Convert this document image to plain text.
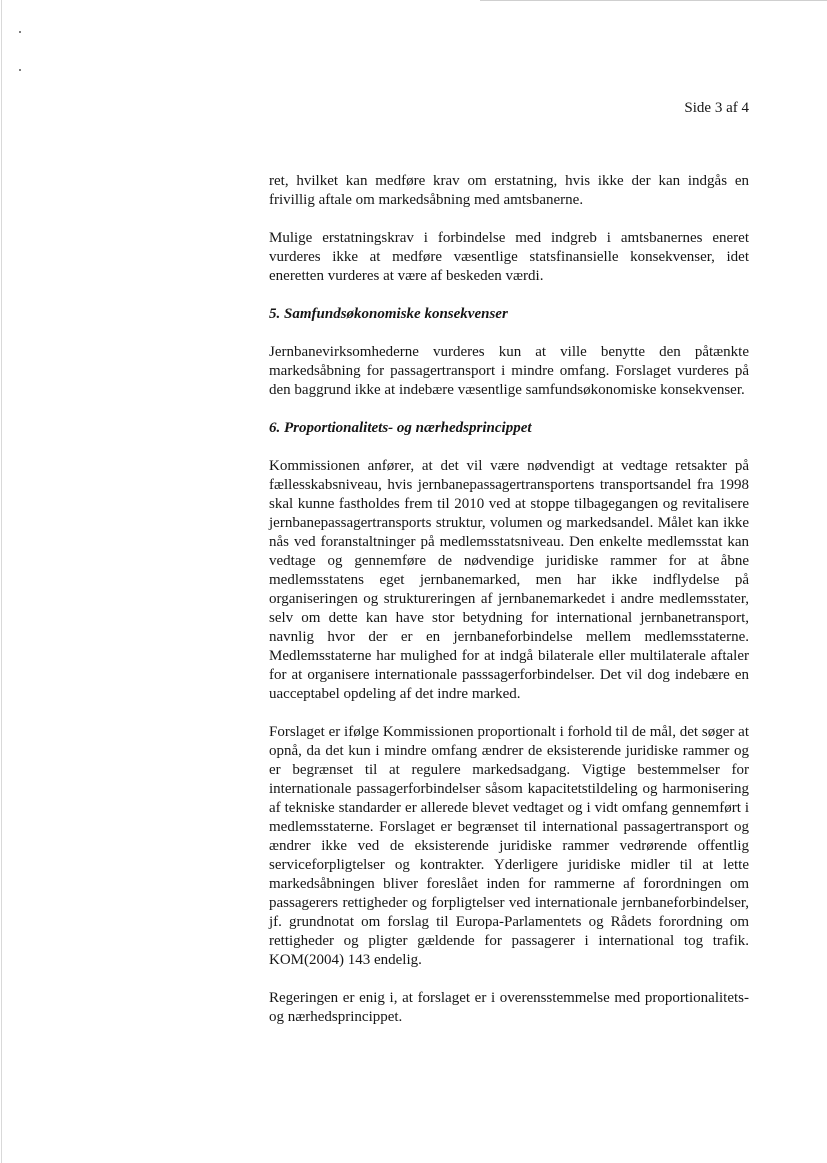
Side 3 af 4

ret, hvilket kan medføre krav om erstatning, hvis ikke der kan indgås en frivillig aftale om markedsåbning med amtsbanerne.

Mulige erstatningskrav i forbindelse med indgreb i amtsbanernes eneret vurderes ikke at medføre væsentlige statsfinansielle konsekvenser, idet eneretten vurderes at være af beskeden værdi.

5. Samfundsøkonomiske konsekvenser

Jernbanevirksomhederne vurderes kun at ville benytte den påtænkte markedsåbning for passagertransport i mindre omfang. Forslaget vurderes på den baggrund ikke at indebære væsentlige samfundsøkonomiske konsekvenser.

6. Proportionalitets- og nærhedsprincippet

Kommissionen anfører, at det vil være nødvendigt at vedtage retsakter på fællesskabsniveau, hvis jernbanepassagertransportens transportsandel fra 1998 skal kunne fastholdes frem til 2010 ved at stoppe tilbagegangen og revitalisere jernbanepassagertransports struktur, volumen og markedsandel. Målet kan ikke nås ved foranstaltninger på medlemsstatsniveau. Den enkelte medlemsstat kan vedtage og gennemføre de nødvendige juridiske rammer for at åbne medlemsstatens eget jernbanemarked, men har ikke indflydelse på organiseringen og struktureringen af jernbanemarkedet i andre medlemsstater, selv om dette kan have stor betydning for international jernbanetransport, navnlig hvor der er en jernbaneforbindelse mellem medlemsstaterne. Medlemsstaterne har mulighed for at indgå bilaterale eller multilaterale aftaler for at organisere internationale passsagerforbindelser. Det vil dog indebære en uacceptabel opdeling af det indre marked.

Forslaget er ifølge Kommissionen proportionalt i forhold til de mål, det søger at opnå, da det kun i mindre omfang ændrer de eksisterende juridiske rammer og er begrænset til at regulere markedsadgang. Vigtige bestemmelser for internationale passagerforbindelser såsom kapacitetstildeling og harmonisering af tekniske standarder er allerede blevet vedtaget og i vidt omfang gennemført i medlemsstaterne. Forslaget er begrænset til international passagertransport og ændrer ikke ved de eksisterende juridiske rammer vedrørende offentlig serviceforpligtelser og kontrakter. Yderligere juridiske midler til at lette markedsåbningen bliver foreslået inden for rammerne af forordningen om passagerers rettigheder og forpligtelser ved internationale jernbaneforbindelser, jf. grundnotat om forslag til Europa-Parlamentets og Rådets forordning om rettigheder og pligter gældende for passagerer i international tog trafik. KOM(2004) 143 endelig.

Regeringen er enig i, at forslaget er i overensstemmelse med proportionalitets- og nærhedsprincippet.
